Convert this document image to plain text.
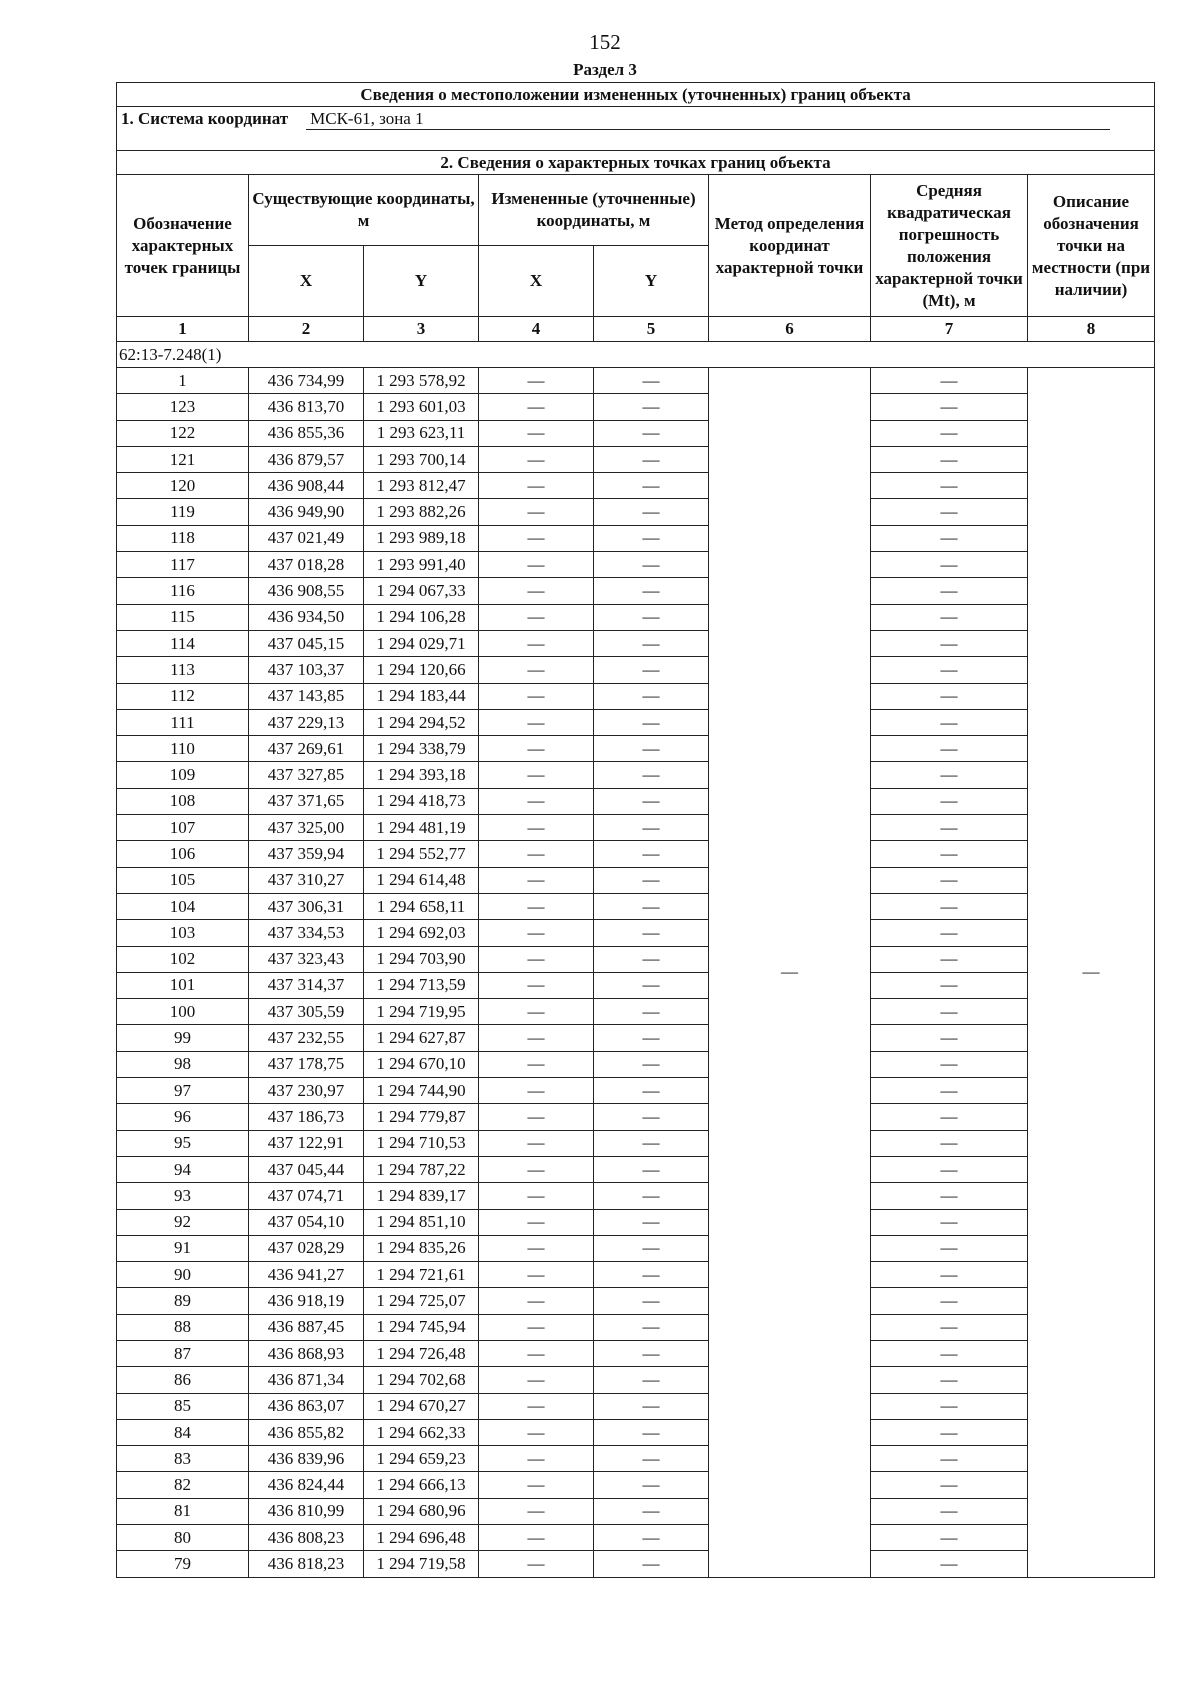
152
Раздел 3
Сведения о местоположении измененных (уточненных) границ объекта							
1. Система координат МСК-61, зона 1							
2. Сведения о характерных точках границ объекта							
Обозначение характерных точек границы	Существующие координаты, м		Измененные (уточненные) координаты, м		Метод определения координат характерной точки	Средняя квадратическая погрешность положения характерной точки (Mt), м	Описание обозначения точки на местности (при наличии)
	X	Y	X	Y			
1	2	3	4	5	6	7	8
62:13-7.248(1)							
1	436 734,99	1 293 578,92	—	—	—	—	—
123	436 813,70	1 293 601,03	—	—		—	
122	436 855,36	1 293 623,11	—	—		—	
121	436 879,57	1 293 700,14	—	—		—	
120	436 908,44	1 293 812,47	—	—		—	
119	436 949,90	1 293 882,26	—	—		—	
118	437 021,49	1 293 989,18	—	—		—	
117	437 018,28	1 293 991,40	—	—		—	
116	436 908,55	1 294 067,33	—	—		—	
115	436 934,50	1 294 106,28	—	—		—	
114	437 045,15	1 294 029,71	—	—		—	
113	437 103,37	1 294 120,66	—	—		—	
112	437 143,85	1 294 183,44	—	—		—	
111	437 229,13	1 294 294,52	—	—		—	
110	437 269,61	1 294 338,79	—	—		—	
109	437 327,85	1 294 393,18	—	—		—	
108	437 371,65	1 294 418,73	—	—		—	
107	437 325,00	1 294 481,19	—	—		—	
106	437 359,94	1 294 552,77	—	—		—	
105	437 310,27	1 294 614,48	—	—		—	
104	437 306,31	1 294 658,11	—	—		—	
103	437 334,53	1 294 692,03	—	—		—	
102	437 323,43	1 294 703,90	—	—		—	
101	437 314,37	1 294 713,59	—	—		—	
100	437 305,59	1 294 719,95	—	—		—	
99	437 232,55	1 294 627,87	—	—		—	
98	437 178,75	1 294 670,10	—	—		—	
97	437 230,97	1 294 744,90	—	—		—	
96	437 186,73	1 294 779,87	—	—		—	
95	437 122,91	1 294 710,53	—	—		—	
94	437 045,44	1 294 787,22	—	—		—	
93	437 074,71	1 294 839,17	—	—		—	
92	437 054,10	1 294 851,10	—	—		—	
91	437 028,29	1 294 835,26	—	—		—	
90	436 941,27	1 294 721,61	—	—		—	
89	436 918,19	1 294 725,07	—	—		—	
88	436 887,45	1 294 745,94	—	—		—	
87	436 868,93	1 294 726,48	—	—		—	
86	436 871,34	1 294 702,68	—	—		—	
85	436 863,07	1 294 670,27	—	—		—	
84	436 855,82	1 294 662,33	—	—		—	
83	436 839,96	1 294 659,23	—	—		—	
82	436 824,44	1 294 666,13	—	—		—	
81	436 810,99	1 294 680,96	—	—		—	
80	436 808,23	1 294 696,48	—	—		—	
79	436 818,23	1 294 719,58	—	—		—	
